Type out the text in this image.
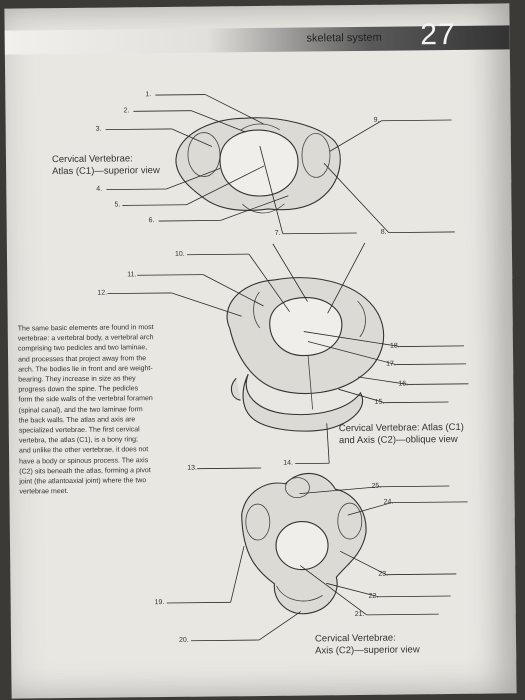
skeletal system 27
1.
2.
3.
4.
5.
6.
7.	8.
9.
10.
11.
12.
13.
14.
15.
16.
17.
18.
19.
20.
21.
22.
23.
24.
25.
Cervical Vertebrae:
Atlas (C1)—superior view
Cervical Vertebrae: Atlas (C1)
and Axis (C2)—oblique view
Cervical Vertebrae:
Axis (C2)—superior view
The same basic elements are found in most
vertebrae: a vertebral body, a vertebral arch
comprising two pedicles and two laminae,
and processes that project away from the
arch. The bodies lie in front and are weight-
bearing. They increase in size as they
progress down the spine. The pedicles
form the side walls of the vertebral foramen
(spinal canal), and the two laminae form
the back walls. The atlas and axis are
specialized vertebrae. The first cervical
vertebra, the atlas (C1), is a bony ring;
and unlike the other vertebrae, it does not
have a body or spinous process. The axis
(C2) sits beneath the atlas, forming a pivot
joint (the atlantoaxial joint) where the two
vertebrae meet.
